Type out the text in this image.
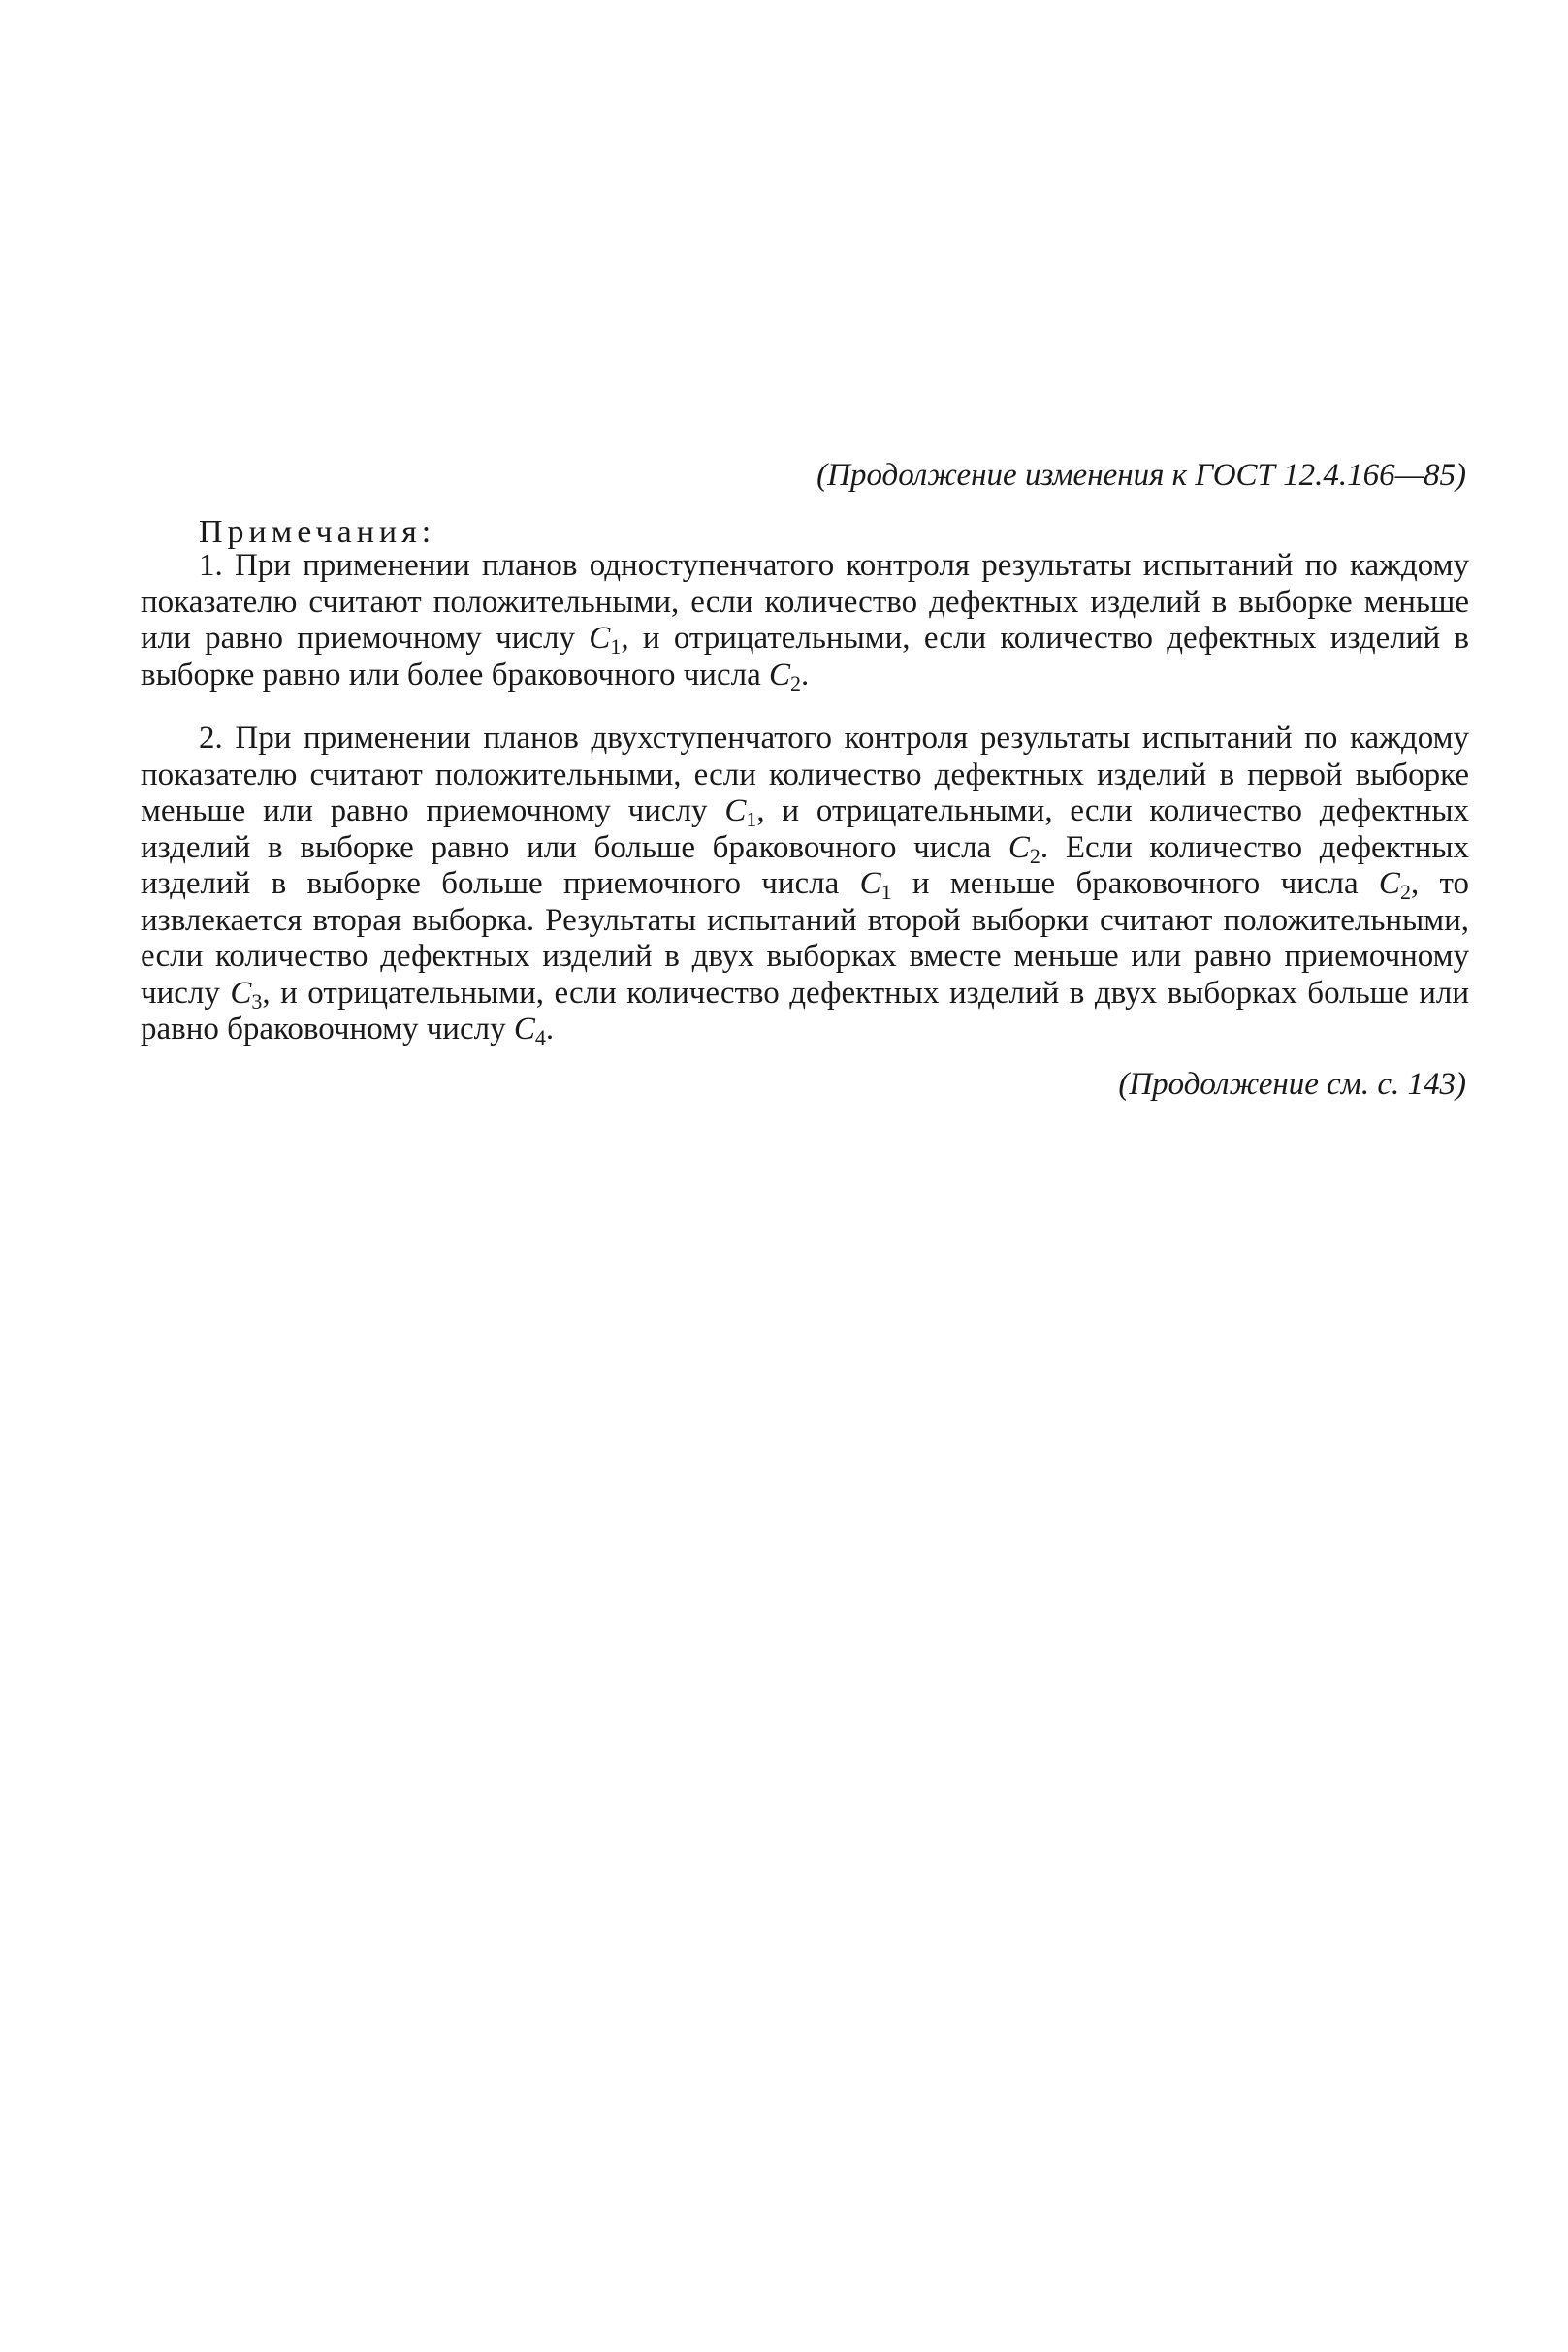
(Продолжение изменения к ГОСТ 12.4.166—85)
Примечания:

1. При применении планов одноступенчатого контроля результаты испытаний по каждому показателю считают положительными, если количество дефектных изделий в выборке меньше или равно приемочному числу $C_1$, и отрицательными, если количество дефектных изделий в выборке равно или более браковочного числа $C_2$.

2. При применении планов двухступенчатого контроля результаты испытаний по каждому показателю считают положительными, если количество дефектных изделий в первой выборке меньше или равно приемочному числу $C_1$, и отрицательными, если количество дефектных изделий в выборке равно или больше браковочного числа $C_2$. Если количество дефектных изделий в выборке больше приемочного числа $C_1$ и меньше браковочного числа $C_2$, то извлекается вторая выборка. Результаты испытаний второй выборки считают положительными, если количество дефектных изделий в двух выборках вместе меньше или равно приемочному числу $C_3$, и отрицательными, если количество дефектных изделий в двух выборках больше или равно браковочному числу $C_4$.

(Продолжение см. с. 143)
